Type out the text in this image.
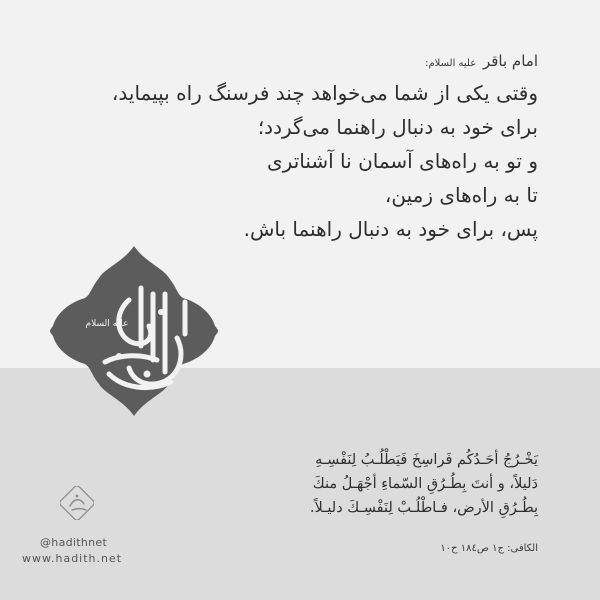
امام باقر علیه السلام:
وقتی یکی از شما می‌خواهد چند فرسنگ راه بپیماید،
برای خود به دنبال راهنما می‌گردد؛
و تو به راه‌های آسمان نا آشناتری
تا به راه‌های زمین،
پس، برای خود به دنبال راهنما باش.
علیه السلام
يَخْـرُجُ أحَـدُكُم فَراسِخَ فَيَطْلُـبُ لِنَفْسِـهِ
دَليلاً، و أنتَ بِطُـرُقِ السّماءِ أجْهَـلُ منكَ
بِطُـرُقِ الأرض، فـاطْلُـبْ لِنَفْسِـكَ دليـلاً.
الكافى: ج۱ ص۱۸٤ ح۱۰
@hadithnet
www.hadith.net
